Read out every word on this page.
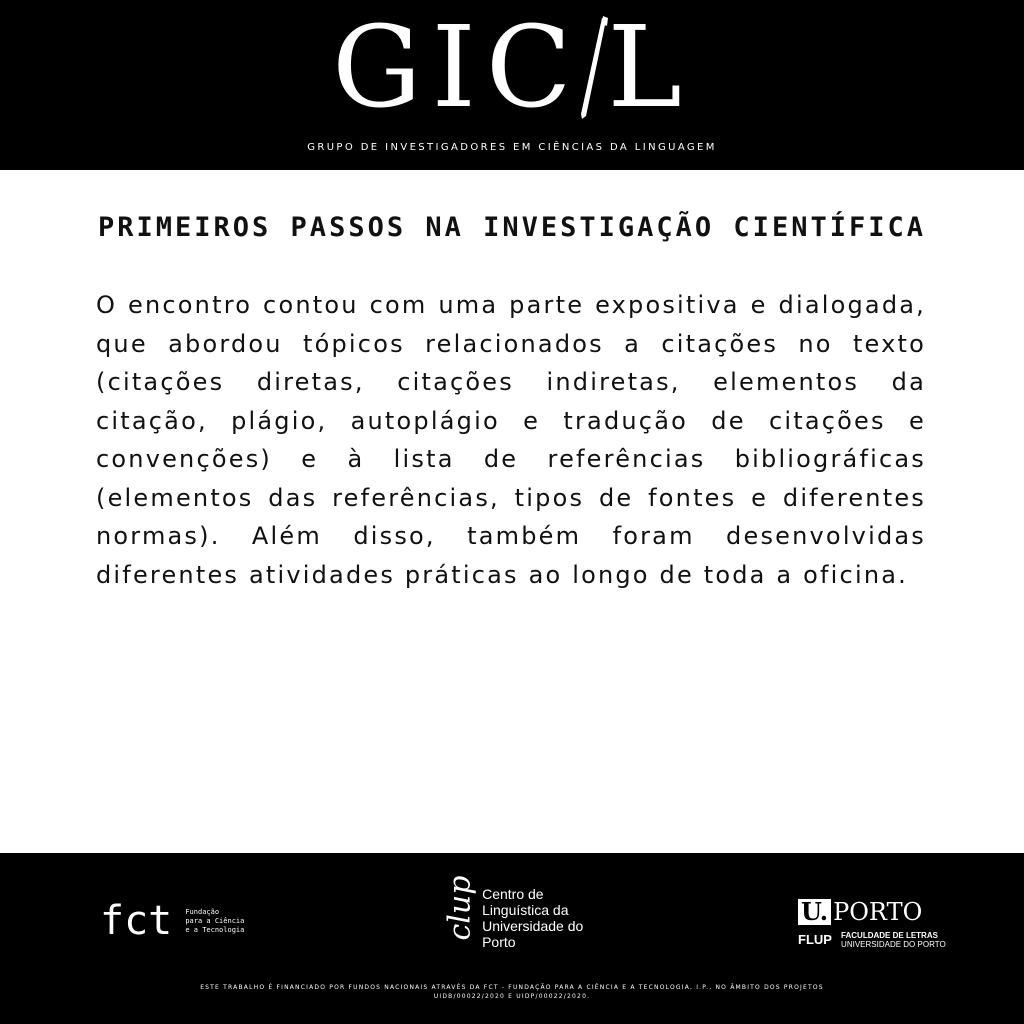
GIC L
GRUPO DE INVESTIGADORES EM CIÊNCIAS DA LINGUAGEM
PRIMEIROS PASSOS NA INVESTIGAÇÃO CIENTÍFICA
O encontro contou com uma parte expositiva e dialogada, que abordou tópicos relacionados a citações no texto (citações diretas, citações indiretas, elementos da citação, plágio, autoplágio e tradução de citações e convenções) e à lista de referências bibliográficas (elementos das referências, tipos de fontes e diferentes normas). Além disso, também foram desenvolvidas diferentes atividades práticas ao longo de toda a oficina.
fct Fundação
para a Ciência
e a Tecnologia	clup Centro de
Linguística da
Universidade do
Porto
U. PORTO
FLUP FACULDADE DE LETRAS
UNIVERSIDADE DO PORTO
ESTE TRABALHO É FINANCIADO POR FUNDOS NACIONAIS ATRAVÉS DA FCT - FUNDAÇÃO PARA A CIÊNCIA E A TECNOLOGIA, I.P., NO ÂMBITO DOS PROJETOS UIDB/00022/2020 E UIDP/00022/2020.
